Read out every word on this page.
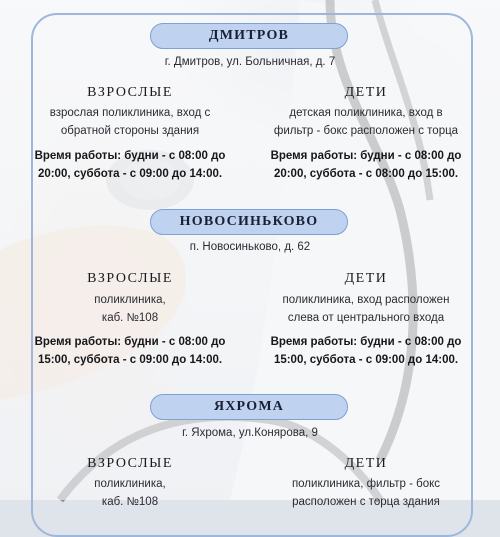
ДМИТРОВ
г. Дмитров, ул. Больничная, д. 7
ВЗРОСЛЫЕ
взрослая поликлиника, вход с
обратной стороны здания
Время работы: будни - с 08:00 до
20:00, суббота - с 09:00 до 14:00.
ДЕТИ
детская поликлиника, вход в
фильтр - бокс расположен с торца
Время работы: будни - с 08:00 до
20:00, суббота - с 08:00 до 15:00.
НОВОСИНЬКОВО
п. Новосиньково, д. 62
ВЗРОСЛЫЕ
поликлиника,
каб. №108
Время работы: будни - с 08:00 до
15:00, суббота - с 09:00 до 14:00.
ДЕТИ
поликлиника, вход расположен
слева от центрального входа
Время работы: будни - с 08:00 до
15:00, суббота - с 09:00 до 14:00.
ЯХРОМА
г. Яхрома, ул.Конярова, 9
ВЗРОСЛЫЕ
поликлиника,
каб. №108
ДЕТИ
поликлиника, фильтр - бокс
расположен с торца здания
